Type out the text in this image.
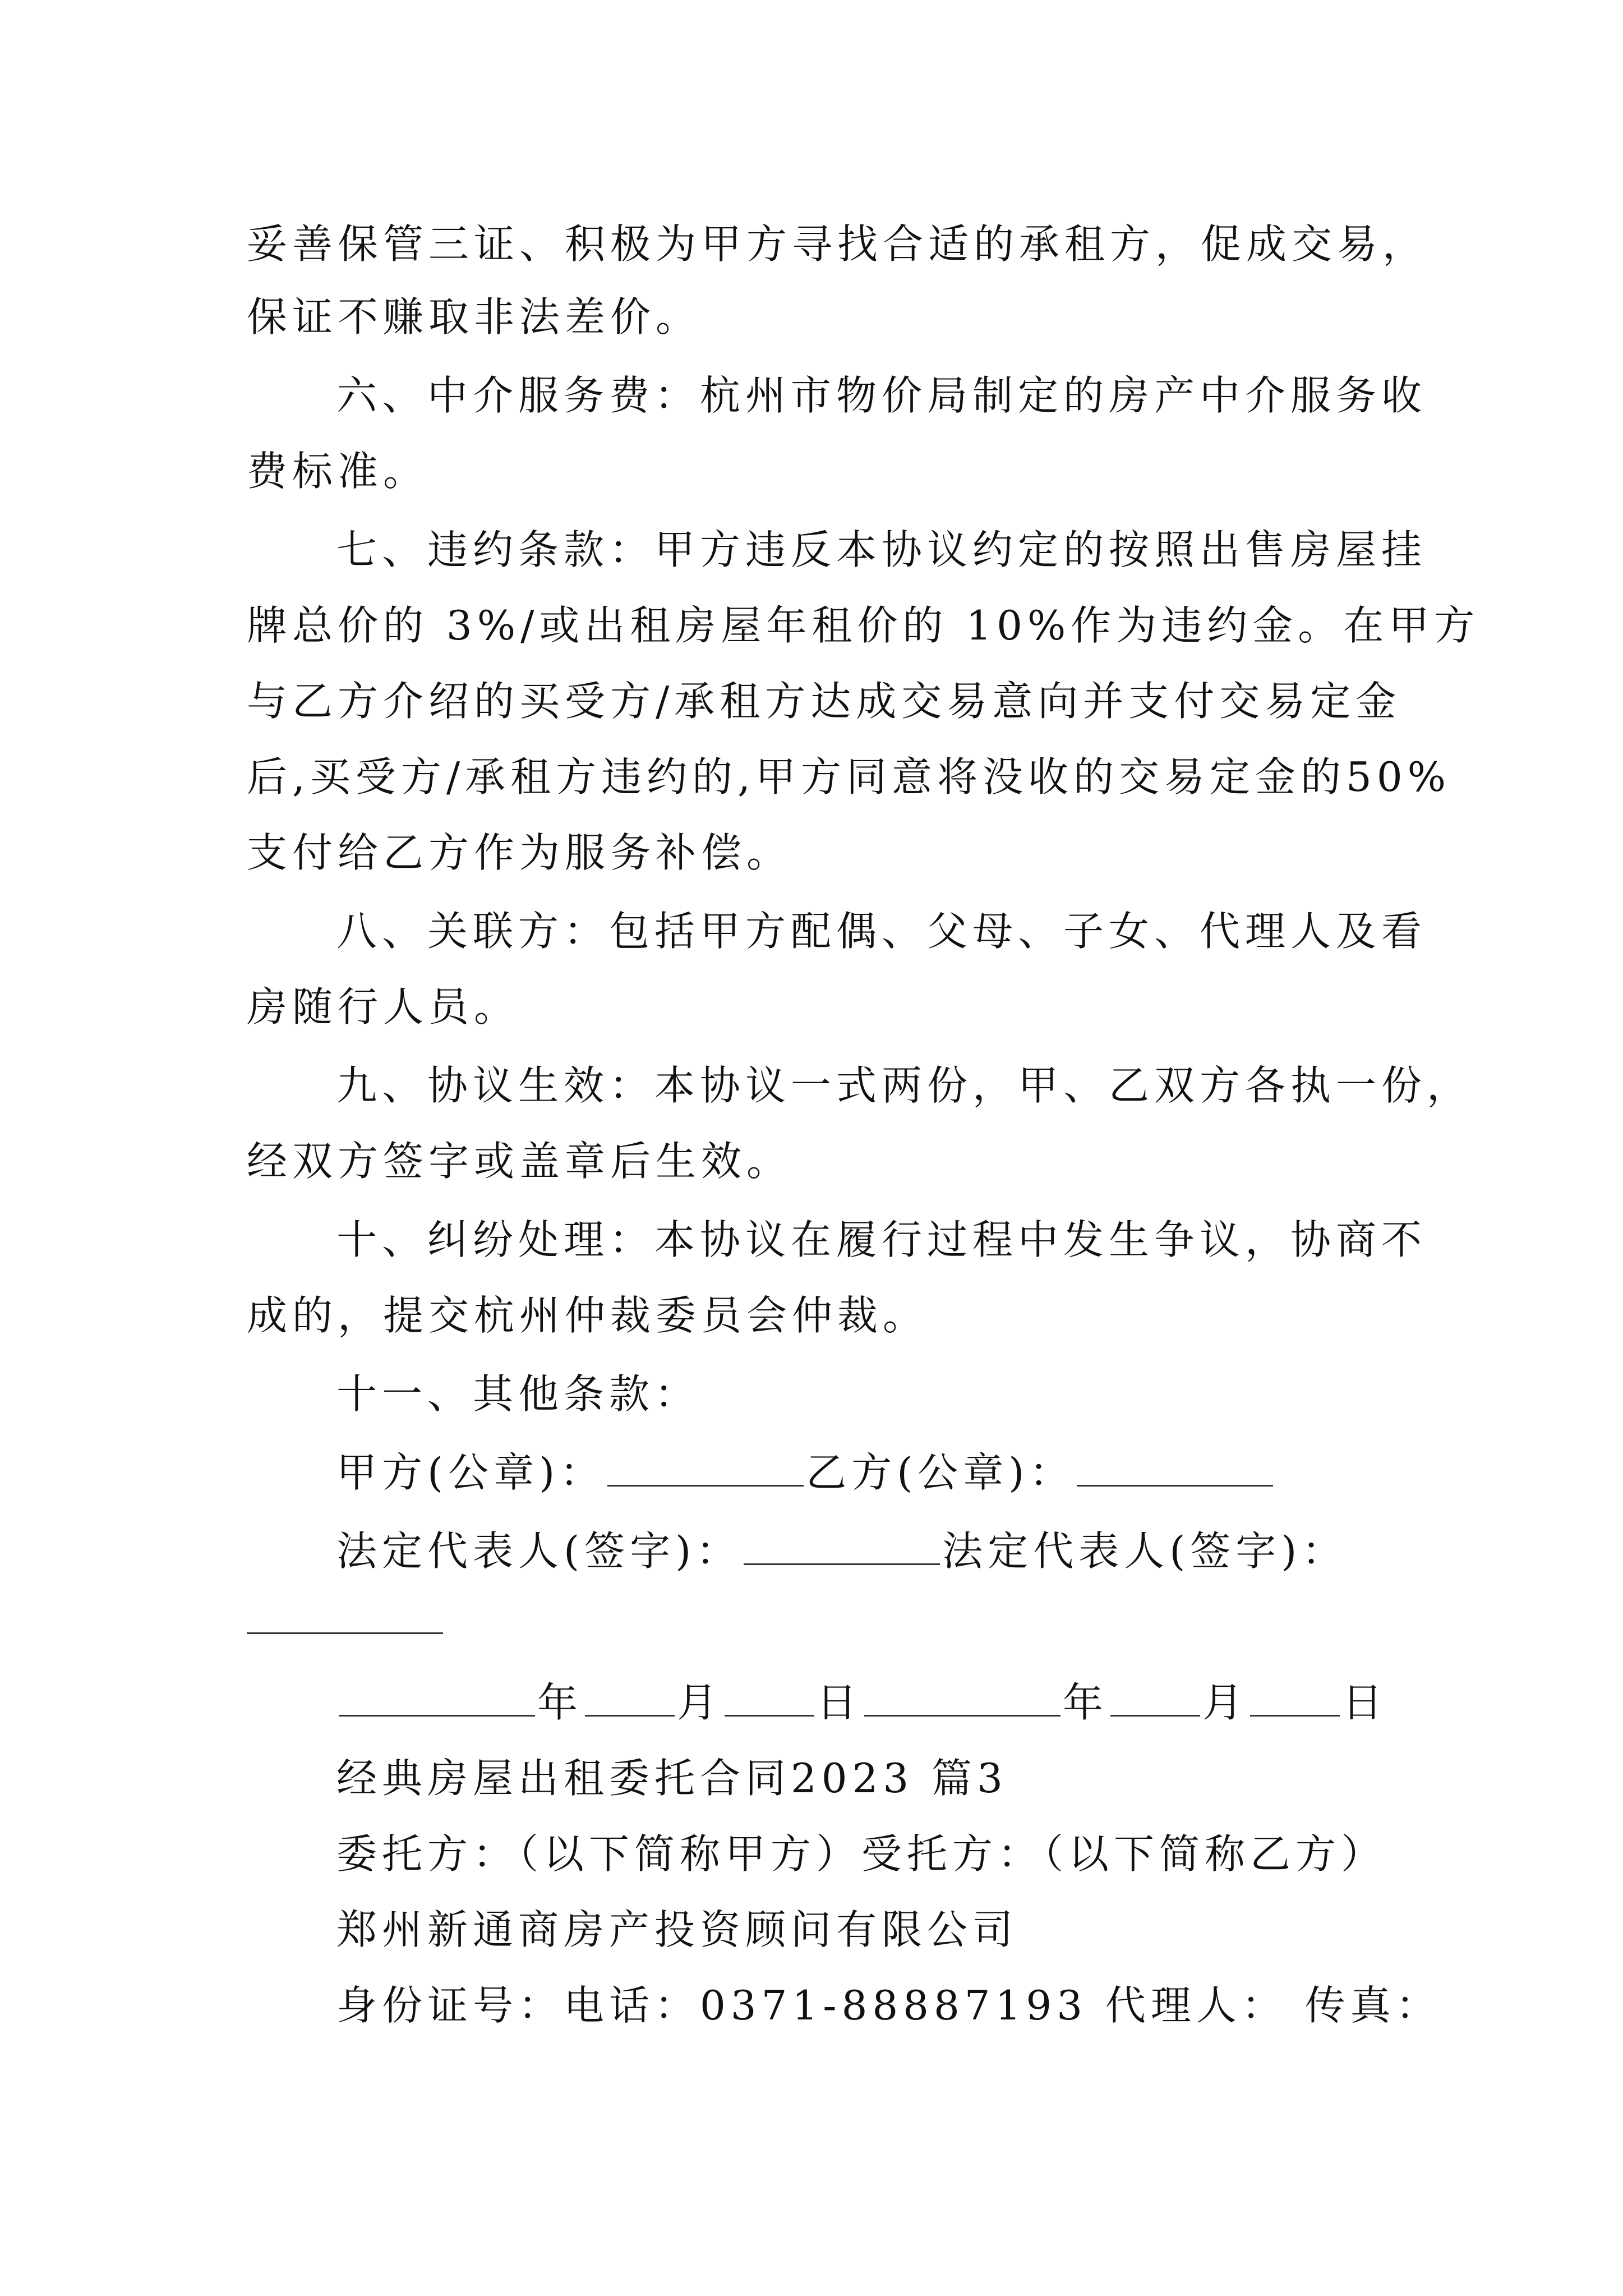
妥善保管三证、积极为甲方寻找合适的承租方，促成交易，
保证不赚取非法差价。
六、中介服务费：杭州市物价局制定的房产中介服务收
费标准。
七、违约条款：甲方违反本协议约定的按照出售房屋挂
牌总价的 3%/或出租房屋年租价的 10%作为违约金。在甲方
与乙方介绍的买受方/承租方达成交易意向并支付交易定金
后,买受方/承租方违约的,甲方同意将没收的交易定金的50%
支付给乙方作为服务补偿。
八、关联方：包括甲方配偶、父母、子女、代理人及看
房随行人员。
九、协议生效：本协议一式两份，甲、乙双方各执一份，
经双方签字或盖章后生效。
十、纠纷处理：本协议在履行过程中发生争议，协商不
成的，提交杭州仲裁委员会仲裁。
十一、其他条款：
甲方(公章)：	乙方(公章)：
法定代表人(签字)：	法定代表人(签字)：
年 月 日	年 月 日
经典房屋出租委托合同2023 篇3
委托方：（以下简称甲方）受托方：（以下简称乙方）
郑州新通商房产投资顾问有限公司
身份证号：电话：0371-88887193 代理人： 传真：
